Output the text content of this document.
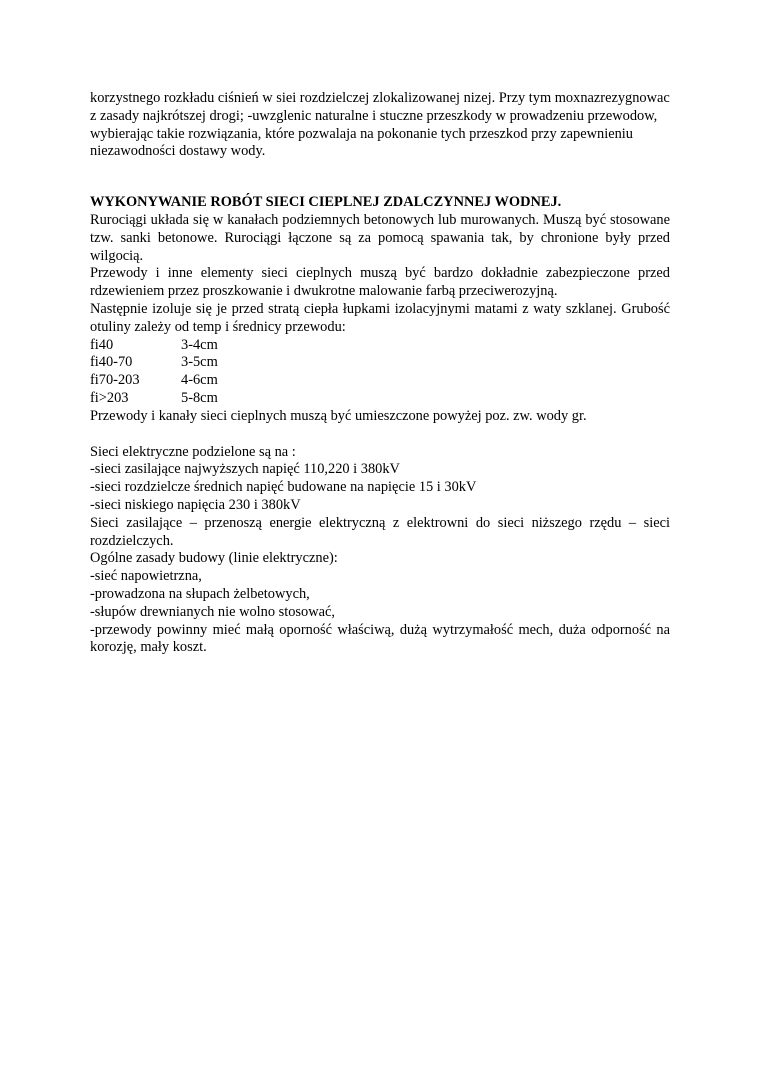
korzystnego rozkładu ciśnień w siei rozdzielczej zlokalizowanej nizej. Przy tym moxnazrezygnowac z zasady najkrótszej drogi; -uwzglenic naturalne i stuczne przeszkody w prowadzeniu przewodow, wybierając takie rozwiązania, które pozwalaja na pokonanie tych przeszkod przy zapewnieniu niezawodności dostawy wody.

WYKONYWANIE ROBÓT SIECI CIEPLNEJ ZDALCZYNNEJ WODNEJ.

Rurociągi układa się w kanałach podziemnych betonowych lub murowanych. Muszą być stosowane tzw. sanki betonowe. Rurociągi łączone są za pomocą spawania tak, by chronione były przed wilgocią.

Przewody i inne elementy sieci cieplnych muszą być bardzo dokładnie zabezpieczone przed rdzewieniem przez proszkowanie i dwukrotne malowanie farbą przeciwerozyjną.

Następnie izoluje się je przed stratą ciepła łupkami izolacyjnymi matami z waty szklanej. Grubość otuliny zależy od temp i średnicy przewodu:

fi40	3-4cm
fi40-70	3-5cm
fi70-203	4-6cm
fi>203	5-8cm

Przewody i kanały sieci cieplnych muszą być umieszczone powyżej poz. zw. wody gr.

Sieci elektryczne podzielone są na :

-sieci zasilające najwyższych napięć 110,220 i 380kV

-sieci rozdzielcze średnich napięć budowane na napięcie 15 i 30kV

-sieci niskiego napięcia 230 i 380kV

Sieci zasilające – przenoszą energie elektryczną z elektrowni do sieci niższego rzędu – sieci rozdzielczych.

Ogólne zasady budowy (linie elektryczne):

-sieć napowietrzna,

-prowadzona na słupach żelbetowych,

-słupów drewnianych nie wolno stosować,

-przewody powinny mieć małą oporność właściwą, dużą wytrzymałość mech, duża odporność na korozję, mały koszt.
